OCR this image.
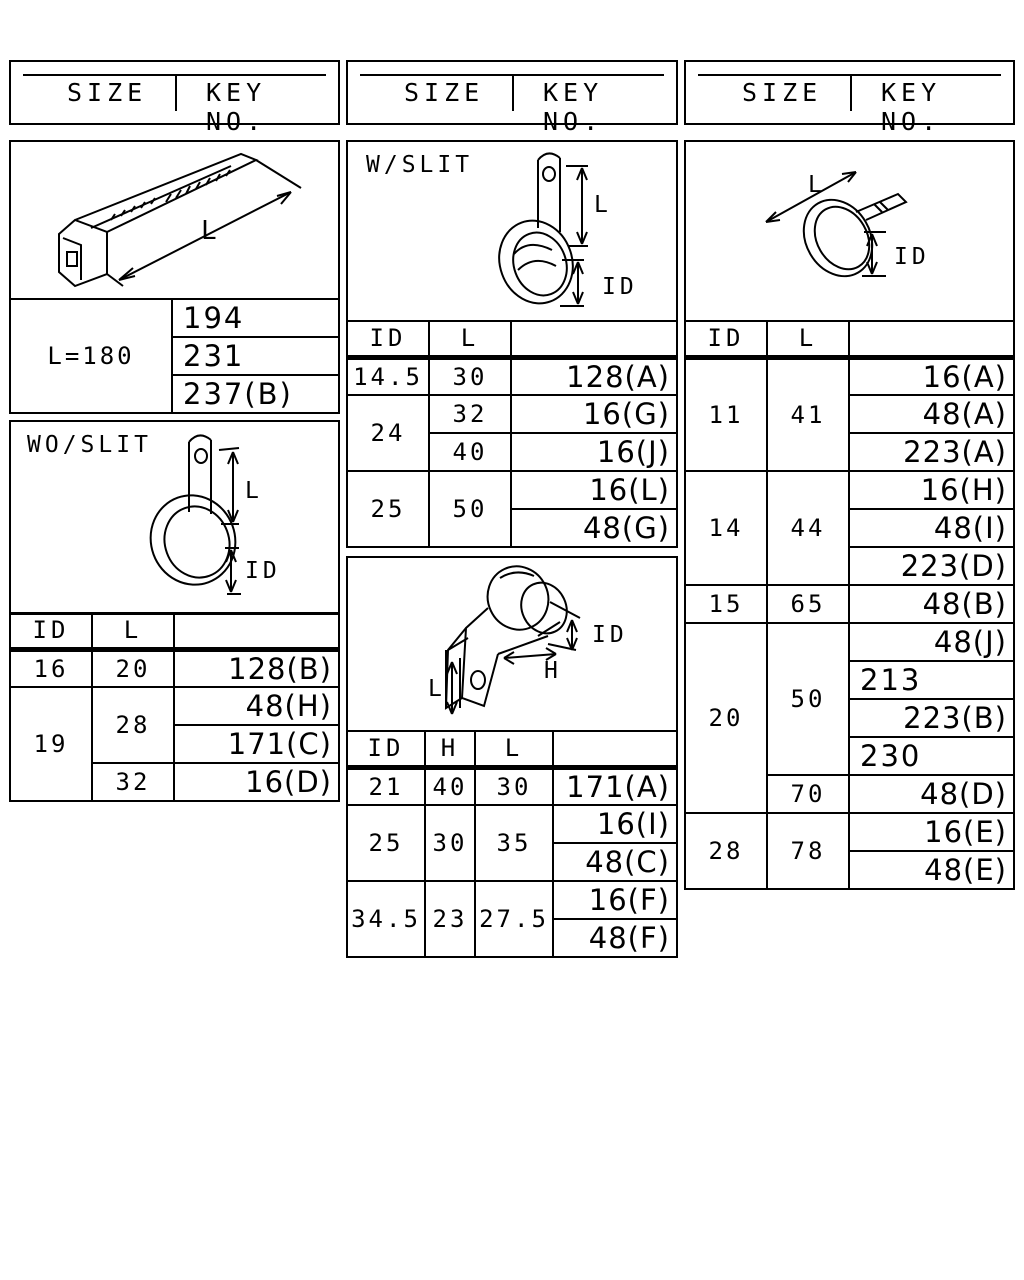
SIZE KEY NO.
SIZE KEY NO.
SIZE KEY NO.
L
L=180	194
231
237(B)
WO/SLIT
L
ID
ID	L	
16	20	128(B)
19	28	48(H)
		171(C)
	32	16(D)
W/SLIT
L
ID
ID	L	
14.5	30	128(A)
24	32	16(G)
	40	16(J)
25	50	16(L)
		48(G)
ID
H
L
ID	H	L	
21	40	30	171(A)
25	30	35	16(I)
			48(C)
34.5	23	27.5	16(F)
			48(F)
L
ID
ID	L	
11	41	16(A)
		48(A)
		223(A)
14	44	16(H)
		48(I)
		223(D)
15	65	48(B)
20	50	48(J)
		213
		223(B)
		230
	70	48(D)
28	78	16(E)
		48(E)
